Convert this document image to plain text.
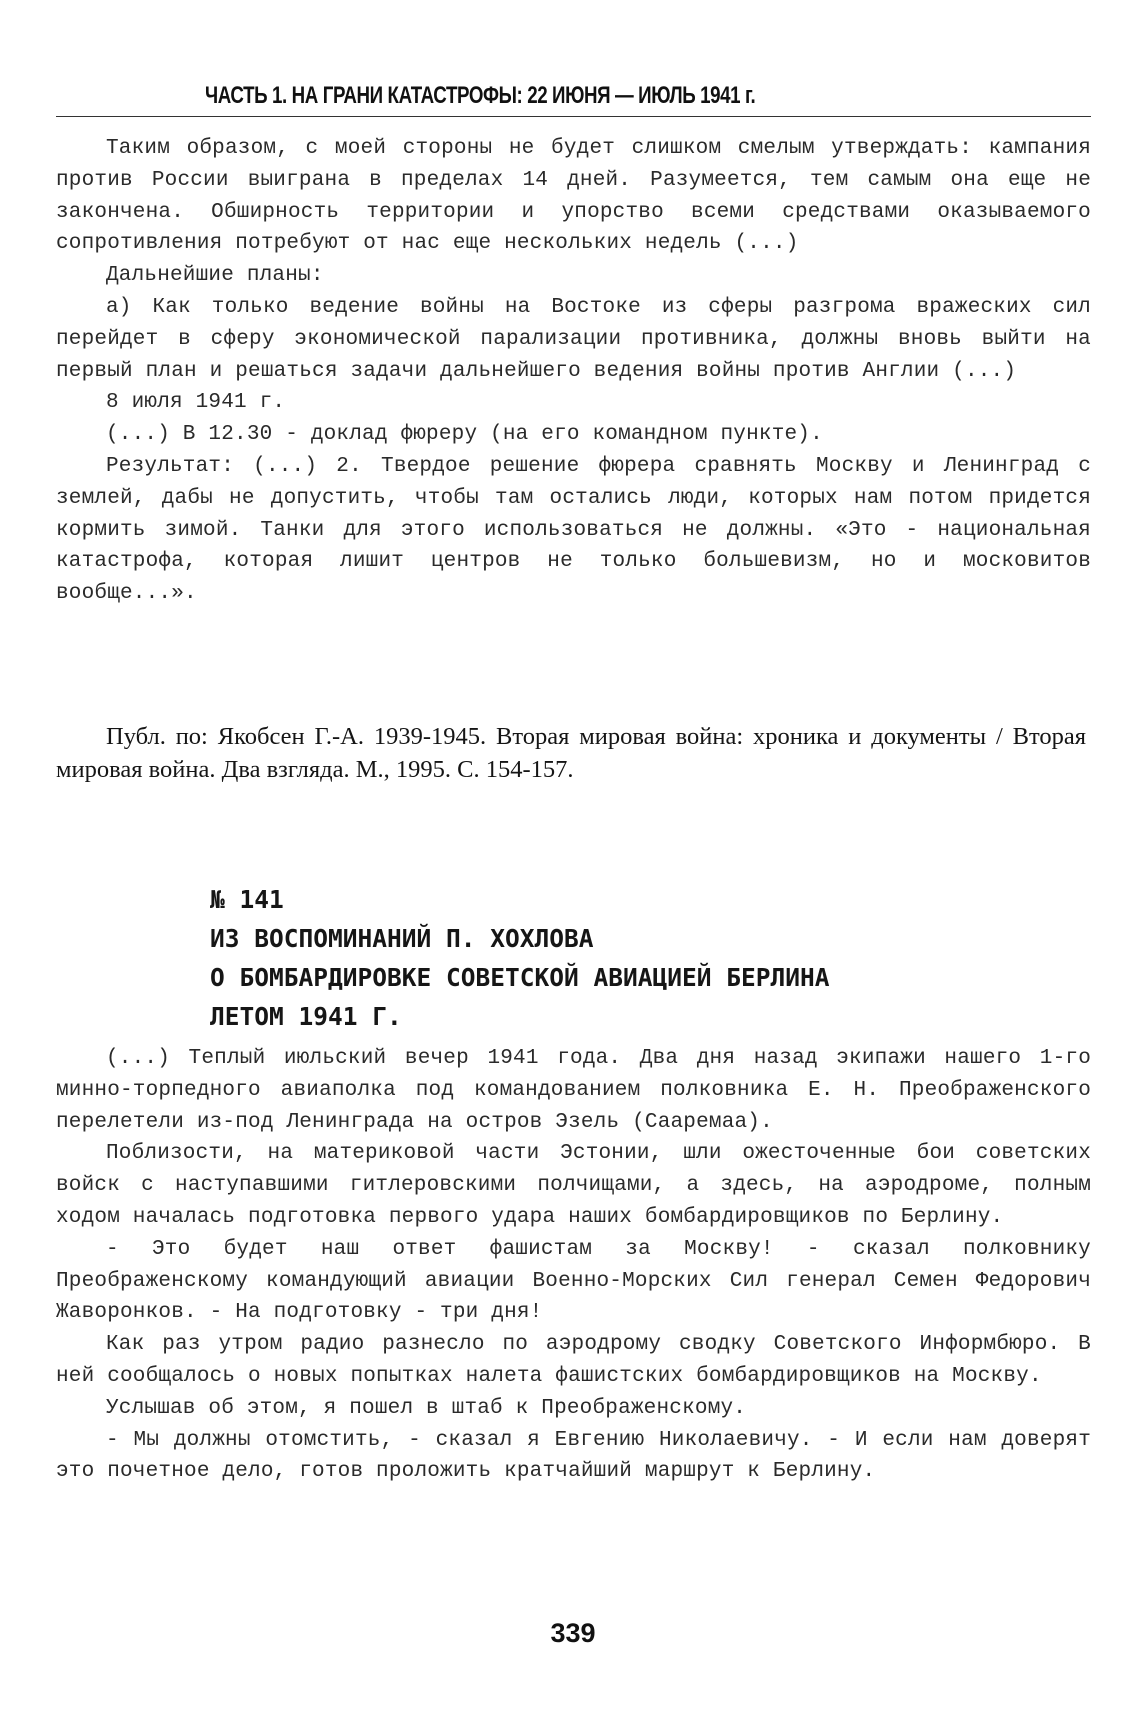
ЧАСТЬ 1. НА ГРАНИ КАТАСТРОФЫ: 22 ИЮНЯ — ИЮЛЬ 1941 г.

Таким образом, с моей стороны не будет слишком смелым утверждать: кампания против России выиграна в пределах 14 дней. Разумеется, тем самым она еще не закончена. Обширность территории и упорство всеми средствами оказываемого сопротивления потребуют от нас еще нескольких недель (...)

Дальнейшие планы:

а) Как только ведение войны на Востоке из сферы разгрома вражеских сил перейдет в сферу экономической парализации противника, должны вновь выйти на первый план и решаться задачи дальнейшего ведения войны против Англии (...)

8 июля 1941 г.

(...) В 12.30 - доклад фюреру (на его командном пункте).

Результат: (...) 2. Твердое решение фюрера сравнять Москву и Ленинград с землей, дабы не допустить, чтобы там остались люди, которых нам потом придется кормить зимой. Танки для этого использоваться не должны. «Это - национальная катастрофа, которая лишит центров не только большевизм, но и московитов вообще...».

Публ. по: Якобсен Г.-А. 1939-1945. Вторая мировая война: хроника и документы / Вторая мировая война. Два взгляда. М., 1995. С. 154-157.

№ 141
ИЗ ВОСПОМИНАНИЙ П. ХОХЛОВА
О БОМБАРДИРОВКЕ СОВЕТСКОЙ АВИАЦИЕЙ БЕРЛИНА
ЛЕТОМ 1941 Г.

(...) Теплый июльский вечер 1941 года. Два дня назад экипажи нашего 1-го минно-торпедного авиаполка под командованием полковника Е. Н. Преображенского перелетели из-под Ленинграда на остров Эзель (Сааремаа).

Поблизости, на материковой части Эстонии, шли ожесточенные бои советских войск с наступавшими гитлеровскими полчищами, а здесь, на аэродроме, полным ходом началась подготовка первого удара наших бомбардировщиков по Берлину.

- Это будет наш ответ фашистам за Москву! - сказал полковнику Преображенскому командующий авиации Военно-Морских Сил генерал Семен Федорович Жаворонков. - На подготовку - три дня!

Как раз утром радио разнесло по аэродрому сводку Советского Информбюро. В ней сообщалось о новых попытках налета фашистских бомбардировщиков на Москву.

Услышав об этом, я пошел в штаб к Преображенскому.

- Мы должны отомстить, - сказал я Евгению Николаевичу. - И если нам доверят это почетное дело, готов проложить кратчайший маршрут к Берлину.

339
